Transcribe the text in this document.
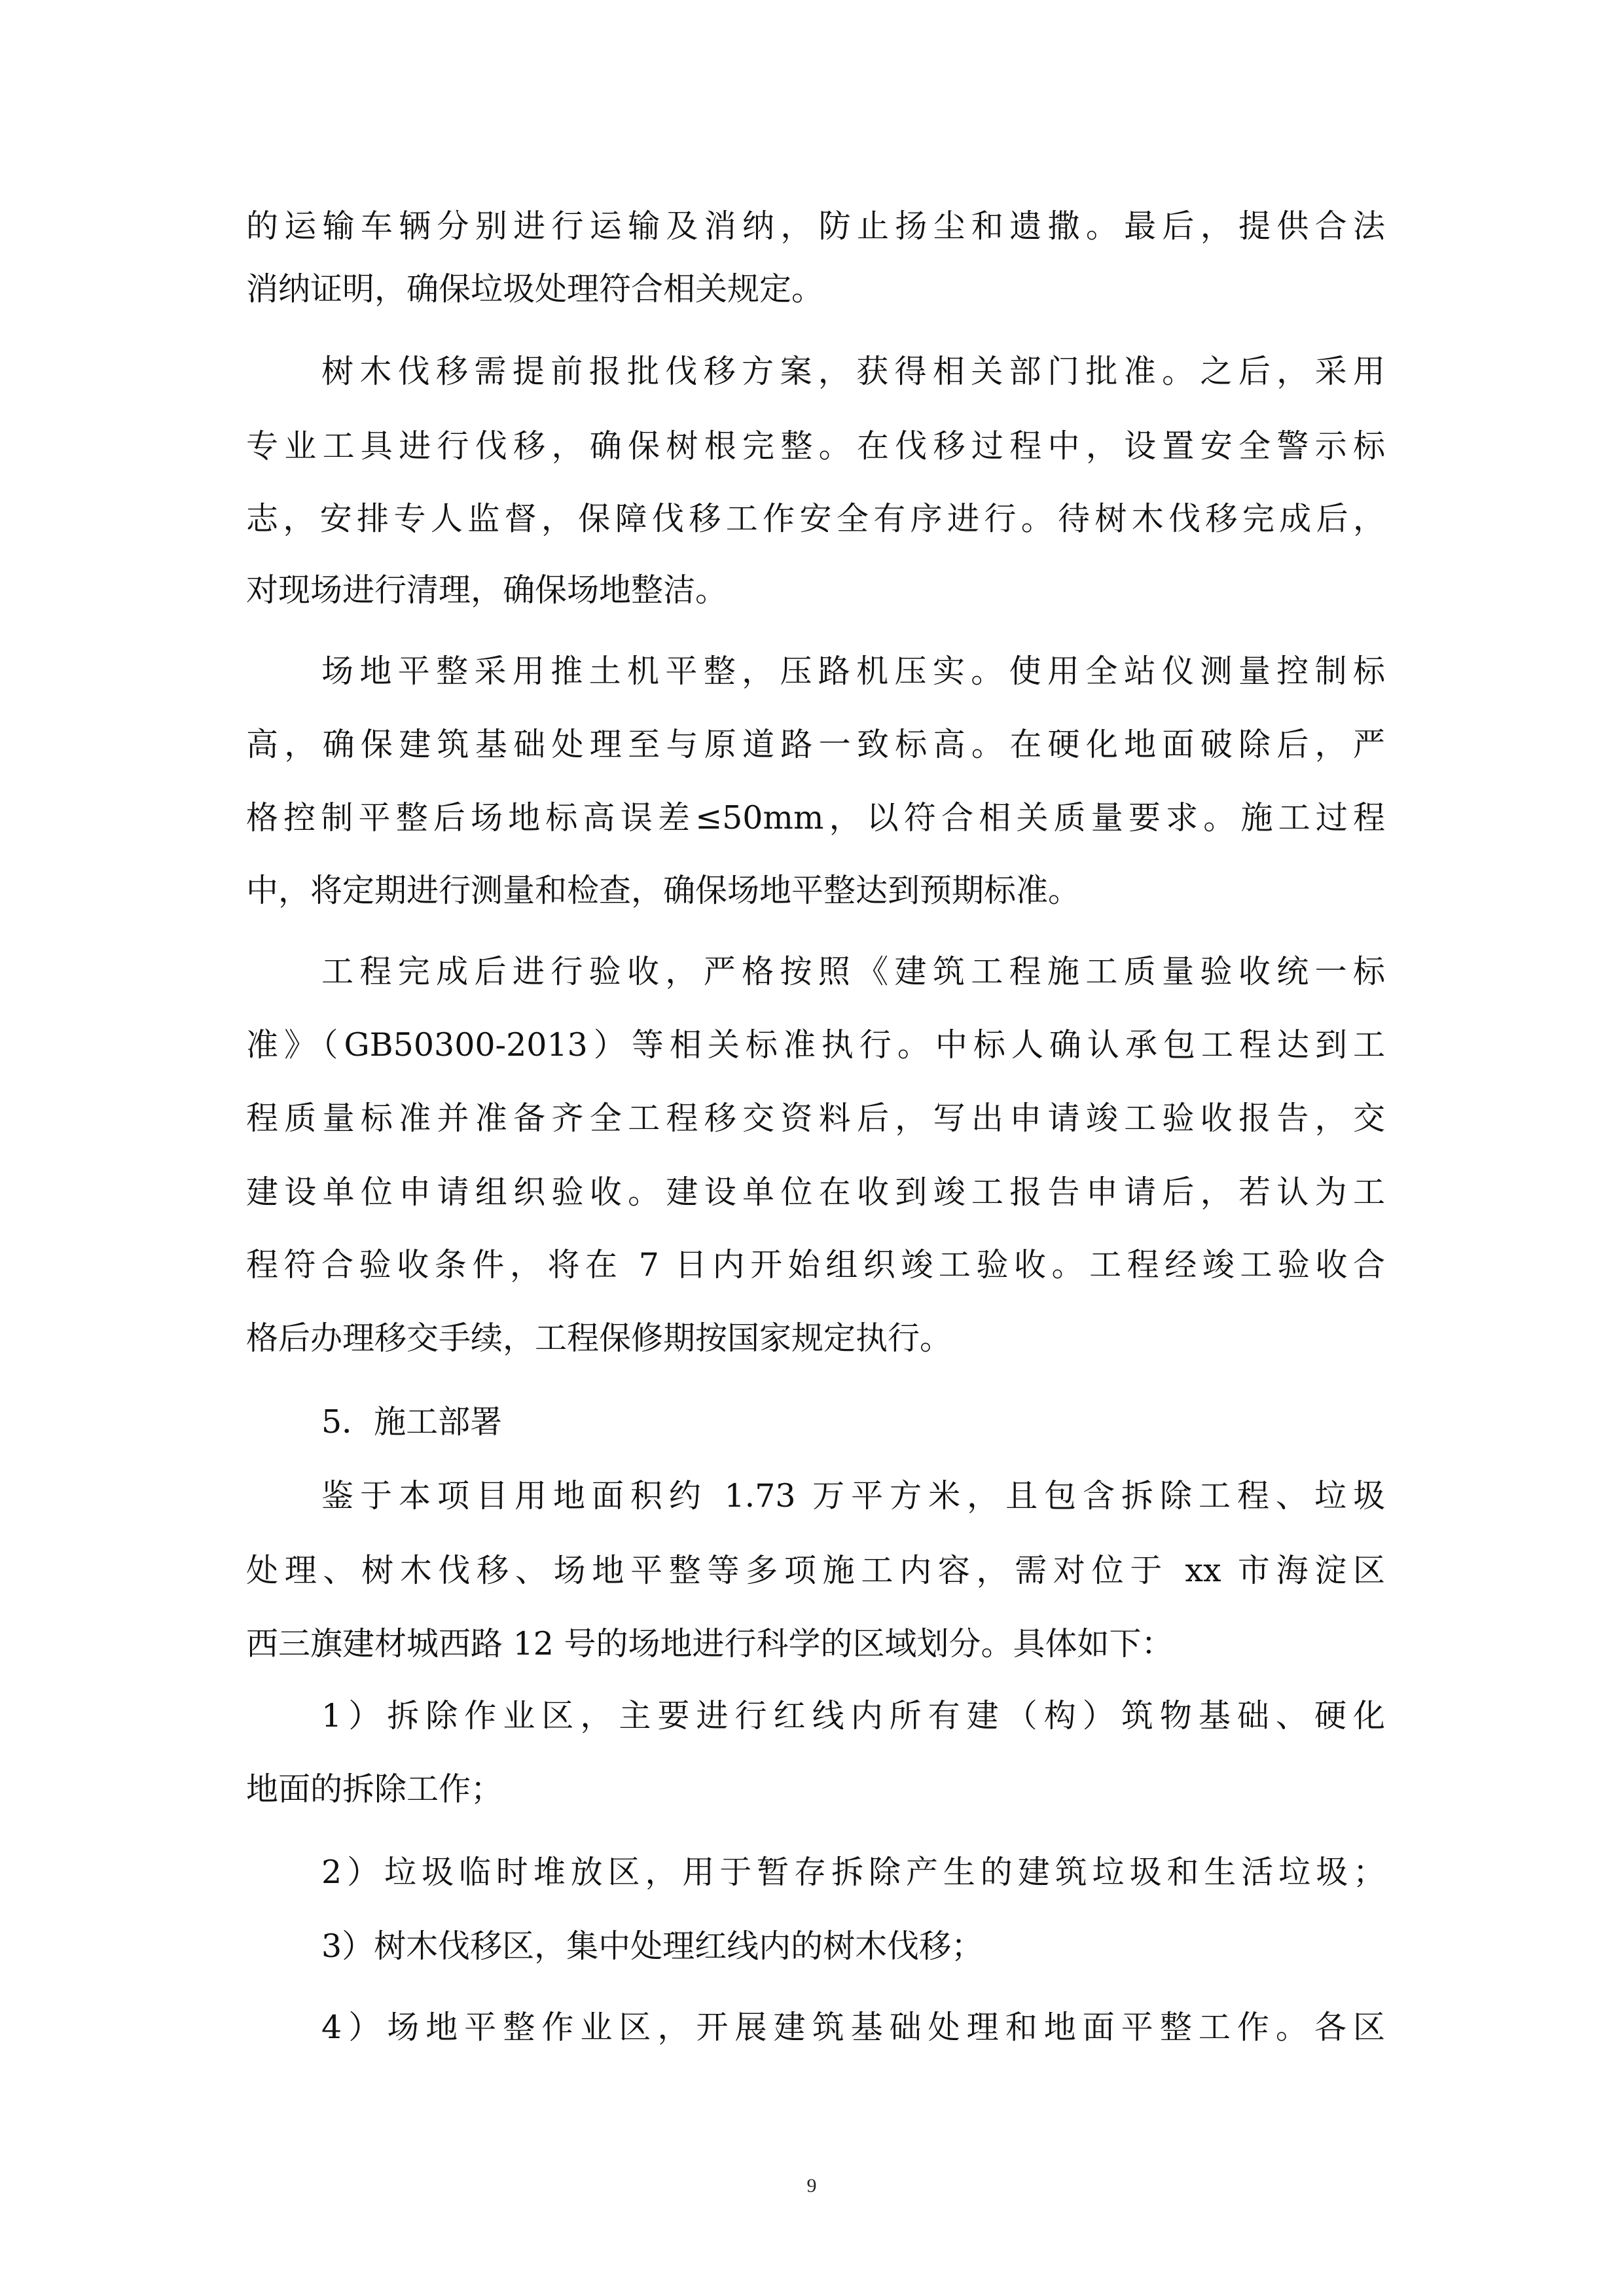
的运输车辆分别进行运输及消纳，防止扬尘和遗撒。最后，提供合法
消纳证明，确保垃圾处理符合相关规定。
树木伐移需提前报批伐移方案，获得相关部门批准。之后，采用
专业工具进行伐移，确保树根完整。在伐移过程中，设置安全警示标
志，安排专人监督，保障伐移工作安全有序进行。待树木伐移完成后，
对现场进行清理，确保场地整洁。
场地平整采用推土机平整，压路机压实。使用全站仪测量控制标
高，确保建筑基础处理至与原道路一致标高。在硬化地面破除后，严
格控制平整后场地标高误差≤50mm，以符合相关质量要求。施工过程
中，将定期进行测量和检查，确保场地平整达到预期标准。
工程完成后进行验收，严格按照《建筑工程施工质量验收统一标
准》（GB50300-2013）等相关标准执行。中标人确认承包工程达到工
程质量标准并准备齐全工程移交资料后，写出申请竣工验收报告，交
建设单位申请组织验收。建设单位在收到竣工报告申请后，若认为工
程符合验收条件，将在 7 日内开始组织竣工验收。工程经竣工验收合
格后办理移交手续，工程保修期按国家规定执行。
5．施工部署
鉴于本项目用地面积约 1.73 万平方米，且包含拆除工程、垃圾
处理、树木伐移、场地平整等多项施工内容，需对位于 xx 市海淀区
西三旗建材城西路 12 号的场地进行科学的区域划分。具体如下：
1）拆除作业区，主要进行红线内所有建（构）筑物基础、硬化
地面的拆除工作；
2）垃圾临时堆放区，用于暂存拆除产生的建筑垃圾和生活垃圾；
3）树木伐移区，集中处理红线内的树木伐移；
4）场地平整作业区，开展建筑基础处理和地面平整工作。各区
9
